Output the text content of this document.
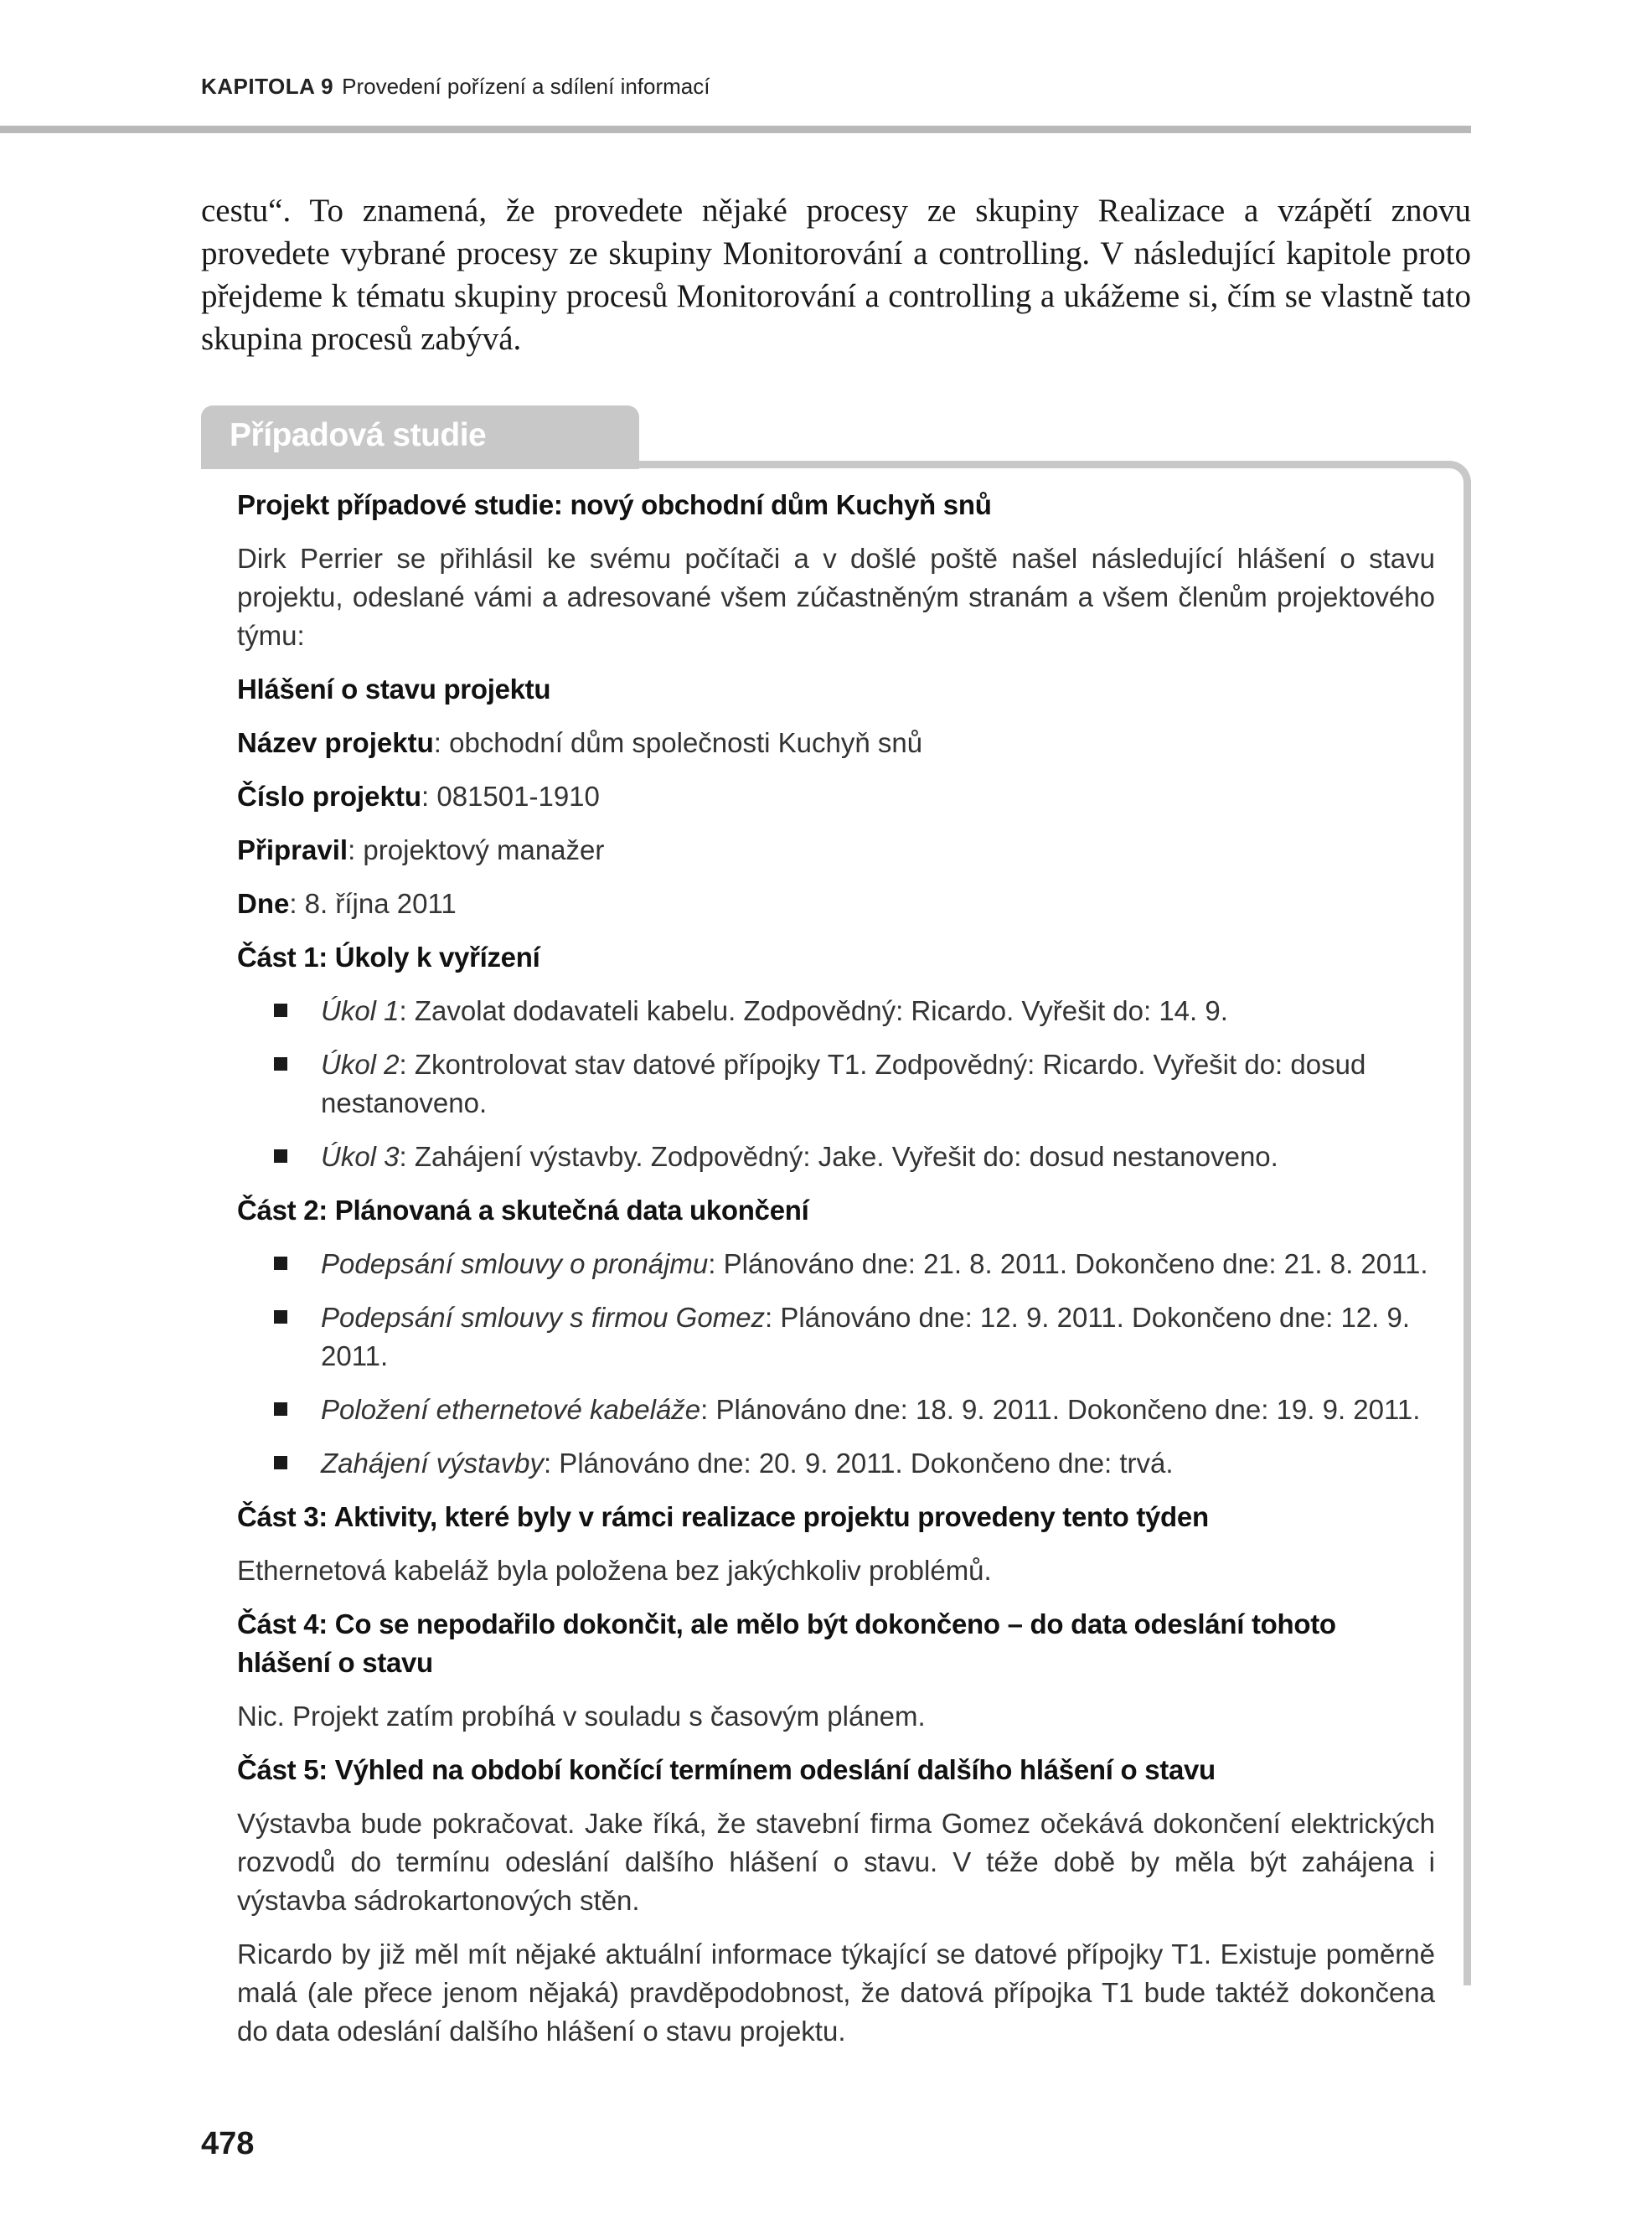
KAPITOLA 9 Provedení pořízení a sdílení informací

cestu“. To znamená, že provedete nějaké procesy ze skupiny Realizace a vzápětí znovu provedete vybrané procesy ze skupiny Monitorování a controlling. V následující kapitole proto přejdeme k tématu skupiny procesů Monitorování a controlling a ukážeme si, čím se vlastně tato skupina procesů zabývá.

Případová studie

Projekt případové studie: nový obchodní dům Kuchyň snů

Dirk Perrier se přihlásil ke svému počítači a v došlé poště našel následující hlášení o stavu projektu, odeslané vámi a adresované všem zúčastněným stranám a všem členům projektového týmu:

Hlášení o stavu projektu

Název projektu: obchodní dům společnosti Kuchyň snů

Číslo projektu: 081501-1910

Připravil: projektový manažer

Dne: 8. října 2011

Část 1: Úkoly k vyřízení

Úkol 1: Zavolat dodavateli kabelu. Zodpovědný: Ricardo. Vyřešit do: 14. 9.
Úkol 2: Zkontrolovat stav datové přípojky T1. Zodpovědný: Ricardo. Vyřešit do: dosud nestanoveno.
Úkol 3: Zahájení výstavby. Zodpovědný: Jake. Vyřešit do: dosud nestanoveno.

Část 2: Plánovaná a skutečná data ukončení

Podepsání smlouvy o pronájmu: Plánováno dne: 21. 8. 2011. Dokončeno dne: 21. 8. 2011.
Podepsání smlouvy s firmou Gomez: Plánováno dne: 12. 9. 2011. Dokončeno dne: 12. 9. 2011.
Položení ethernetové kabeláže: Plánováno dne: 18. 9. 2011. Dokončeno dne: 19. 9. 2011.
Zahájení výstavby: Plánováno dne: 20. 9. 2011. Dokončeno dne: trvá.

Část 3: Aktivity, které byly v rámci realizace projektu provedeny tento týden

Ethernetová kabeláž byla položena bez jakýchkoliv problémů.

Část 4: Co se nepodařilo dokončit, ale mělo být dokončeno – do data odeslání tohoto hlášení o stavu

Nic. Projekt zatím probíhá v souladu s časovým plánem.

Část 5: Výhled na období končící termínem odeslání dalšího hlášení o stavu

Výstavba bude pokračovat. Jake říká, že stavební firma Gomez očekává dokončení elektrických rozvodů do termínu odeslání dalšího hlášení o stavu. V téže době by měla být zahájena i výstavba sádrokartonových stěn.

Ricardo by již měl mít nějaké aktuální informace týkající se datové přípojky T1. Existuje poměrně malá (ale přece jenom nějaká) pravděpodobnost, že datová přípojka T1 bude taktéž dokončena do data odeslání dalšího hlášení o stavu projektu.

478
